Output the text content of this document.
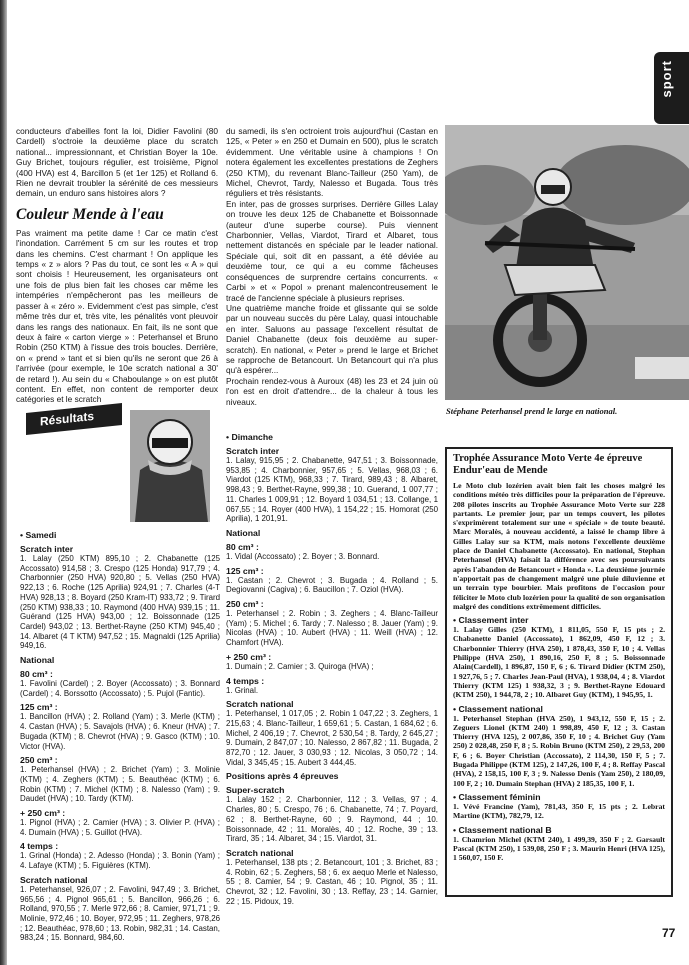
sport

conducteurs d'abeilles font la loi, Didier Favolini (80 Cardell) s'octroie la deuxième place du scratch national... impressionnant, et Christian Boyer la 10e. Guy Brichet, toujours régulier, est troisième, Pignol (400 HVA) est 4, Barcillon 5 (et 1er 125) et Rolland 6. Rien ne devrait troubler la sérénité de ces messieurs demain, un enduro sans histoires alors ?

Couleur Mende à l'eau

Pas vraiment ma petite dame ! Car ce matin c'est l'inondation. Carrément 5 cm sur les routes et trop dans les chemins. C'est charmant ! On applique les temps « z » alors ? Pas du tout, ce sont les « A » qui sont choisis ! Heureusement, les organisateurs ont une fois de plus bien fait les choses car même les intempéries n'empêcheront pas les meilleurs de passer à « zéro ». Evidemment c'est pas simple, c'est même très dur et, très vite, les pénalités vont pleuvoir dans les rangs des nationaux. En fait, ils ne sont que deux à faire « carton vierge » : Peterhansel et Bruno Robin (250 KTM) à l'issue des trois boucles. Derrière, on « prend » tant et si bien qu'ils ne seront que 26 à l'arrivée (pour exemple, le 10e scratch national a 30' de retard !). Au sein du « Chaboulange » on est plutôt content. En effet, non content de remporter deux catégories et le scratch

du samedi, ils s'en octroient trois aujourd'hui (Castan en 125, « Peter » en 250 et Dumain en 500), plus le scratch évidemment. Une véritable usine à champions ! On notera également les excellentes prestations de Zeghers (250 KTM), du revenant Blanc-Tailleur (250 Yam), de Michel, Chevrot, Tardy, Nalesso et Bugada. Tous très réguliers et très résistants.

En inter, pas de grosses surprises. Derrière Gilles Lalay on trouve les deux 125 de Chabanette et Boissonnade (auteur d'une superbe course). Puis viennent Charbonnier, Vellas, Viardot, Tirard et Albaret, tous nettement distancés en spéciale par le leader national. Spéciale qui, soit dit en passant, a été déviée au deuxième tour, ce qui a eu comme fâcheuses conséquences de surprendre certains concurrents. « Carbi » et « Popol » prenant malencontreusement le tracé de l'ancienne spéciale à plusieurs reprises.

Une quatrième manche froide et glissante qui se solde par un nouveau succès du père Lalay, quasi intouchable en inter. Saluons au passage l'excellent résultat de Daniel Chabanette (deux fois deuxième au super-scratch). En national, « Peter » prend le large et Brichet se rapproche de Betancourt. Un Betancourt qui n'a plus qu'à espérer...

Prochain rendez-vous à Auroux (48) les 23 et 24 juin où l'on est en droit d'attendre... de la chaleur à tous les niveaux.

Stéphane Peterhansel prend le large en national.
Résultats
• Samedi
Scratch inter

1. Lalay (250 KTM) 895,10 ; 2. Chabanette (125 Accossato) 914,58 ; 3. Crespo (125 Honda) 917,79 ; 4. Charbonnier (250 HVA) 920,80 ; 5. Vellas (250 HVA) 922,13 ; 6. Roche (125 Aprilia) 924,91 ; 7. Charles (4-T HVA) 928,13 ; 8. Boyard (250 Kram-IT) 933,72 ; 9. Tirard (250 KTM) 938,33 ; 10. Raymond (400 HVA) 939,15 ; 11. Guérand (125 HVA) 943,00 ; 12. Boissonnade (125 Cardel) 943,02 ; 13. Berthet-Rayne (250 KTM) 945,40 ; 14. Albaret (4 T KTM) 947,52 ; 15. Magnaldi (125 Aprilia) 949,16.

National
80 cm³ :

1. Favolini (Cardel) ; 2. Boyer (Accossato) ; 3. Bonnard (Cardel) ; 4. Borssotto (Accossato) ; 5. Pujol (Fantic).

125 cm³ :

1. Bancillon (HVA) ; 2. Rolland (Yam) ; 3. Merle (KTM) ; 4. Castan (HVA) ; 5. Savajols (HVA) ; 6. Kneur (HVA) ; 7. Bugada (KTM) ; 8. Chevrot (HVA) ; 9. Gasco (KTM) ; 10. Victor (HVA).

250 cm³ :

1. Peterhansel (HVA) ; 2. Brichet (Yam) ; 3. Molinie (KTM) ; 4. Zeghers (KTM) ; 5. Beauthéac (KTM) ; 6. Robin (KTM) ; 7. Michel (KTM) ; 8. Nalesso (Yam) ; 9. Daudet (HVA) ; 10. Tardy (KTM).

+ 250 cm³ :

1. Pignol (HVA) ; 2. Camier (HVA) ; 3. Olivier P. (HVA) ; 4. Dumain (HVA) ; 5. Guillot (HVA).

4 temps :

1. Grinal (Honda) ; 2. Adesso (Honda) ; 3. Bonin (Yam) ; 4. Lafaye (KTM) ; 5. Figuières (KTM).

Scratch national

1. Peterhansel, 926,07 ; 2. Favolini, 947,49 ; 3. Brichet, 965,56 ; 4. Pignol 965,61 ; 5. Bancillon, 966,26 ; 6. Rolland, 970,55 ; 7. Merle 972,66 ; 8. Camier, 971,71 ; 9. Molinie, 972,46 ; 10. Boyer, 972,95 ; 11. Zeghers, 978,26 ; 12. Beauthéac, 978,60 ; 13. Robin, 982,31 ; 14. Castan, 983,24 ; 15. Bonnard, 984,60.

• Dimanche
Scratch inter

1. Lalay, 915,95 ; 2. Chabanette, 947,51 ; 3. Boissonnade, 953,85 ; 4. Charbonnier, 957,65 ; 5. Vellas, 968,03 ; 6. Viardot (125 KTM), 968,33 ; 7. Tirard, 989,43 ; 8. Albaret, 998,43 ; 9. Berthet-Rayne, 999,38 ; 10. Guerand, 1 007,77 ; 11. Charles 1 009,91 ; 12. Boyard 1 034,51 ; 13. Collange, 1 067,55 ; 14. Royer (400 HVA), 1 154,22 ; 15. Homorat (250 Aprilia), 1 201,91.

National
80 cm³ :

1. Vidal (Accossato) ; 2. Boyer ; 3. Bonnard.

125 cm³ :

1. Castan ; 2. Chevrot ; 3. Bugada ; 4. Rolland ; 5. Degiovanni (Cagiva) ; 6. Baucillon ; 7. Oziol (HVA).

250 cm³ :

1. Peterhansel ; 2. Robin ; 3. Zeghers ; 4. Blanc-Tailleur (Yam) ; 5. Michel ; 6. Tardy ; 7. Nalesso ; 8. Jauer (Yam) ; 9. Nicolas (HVA) ; 10. Aubert (HVA) ; 11. Weill (HVA) ; 12. Chamfort (HVA).

+ 250 cm³ :

1. Dumain ; 2. Camier ; 3. Quiroga (HVA) ;

4 temps :

1. Grinal.

Scratch national

1. Peterhansel, 1 017,05 ; 2. Robin 1 047,22 ; 3. Zeghers, 1 215,63 ; 4. Blanc-Tailleur, 1 659,61 ; 5. Castan, 1 684,62 ; 6. Michel, 2 406,19 ; 7. Chevrot, 2 530,54 ; 8. Tardy, 2 645,27 ; 9. Dumain, 2 847,07 ; 10. Nalesso, 2 867,82 ; 11. Bugada, 2 872,70 ; 12. Jauer, 3 030,93 ; 12. Nicolas, 3 050,72 ; 14. Vidal, 3 345,45 ; 15. Aubert 3 444,45.

Positions après 4 épreuves
Super-scratch

1. Lalay 152 ; 2. Charbonnier, 112 ; 3. Vellas, 97 ; 4. Charles, 80 ; 5. Crespo, 76 ; 6. Chabanette, 74 ; 7. Poyard, 62 ; 8. Berthet-Rayne, 60 ; 9. Raymond, 44 ; 10. Boissonnade, 42 ; 11. Moralès, 40 ; 12. Roche, 39 ; 13. Tirard, 35 ; 14. Albaret, 34 ; 15. Viardot, 31.

Scratch national

1. Peterhansel, 138 pts ; 2. Betancourt, 101 ; 3. Brichet, 83 ; 4. Robin, 62 ; 5. Zeghers, 58 ; 6. ex aequo Merle et Nalesso, 55 ; 8. Camier, 54 ; 9. Castan, 46 ; 10. Pignol, 35 ; 11. Chevrot, 32 ; 12. Favolini, 30 ; 13. Reffay, 23 ; 14. Garnier, 22 ; 15. Pidoux, 19.

Trophée Assurance Moto Verte 4e épreuve Endur'eau de Mende

Le Moto club lozérien avait bien fait les choses malgré les conditions météo très difficiles pour la préparation de l'épreuve. 208 pilotes inscrits au Trophée Assurance Moto Verte sur 228 partants. Le premier jour, par un temps couvert, les pilotes s'exprimèrent totalement sur une « spéciale » de toute beauté. Marc Moralès, à nouveau accidenté, a laissé le champ libre à Gilles Lalay sur sa KTM, mais notons l'excellente deuxième place de Daniel Chabanette (Accossato). En national, Stephan Peterhansel (HVA) faisait la différence avec ses poursuivants après l'abandon de Betancourt « Honda ». La deuxième journée n'apportait pas de changement malgré une pluie diluvienne et un terrain type bourbier. Mais profitons de l'occasion pour féliciter le Moto club lozérien pour la qualité de son organisation malgré des conditions extrêmement difficiles.

• Classement inter

1. Lalay Gilles (250 KTM), 1 811,05, 550 F, 15 pts ; 2. Chabanette Daniel (Accossato), 1 862,09, 450 F, 12 ; 3. Charbonnier Thierry (HVA 250), 1 878,43, 350 F, 10 ; 4. Vellas Philippe (HVA 250), 1 890,16, 250 F, 8 ; 5. Boissonnade Alain(Cardell), 1 896,87, 150 F, 6 ; 6. Tirard Didier (KTM 250), 1 927,76, 5 ; 7. Charles Jean-Paul (HVA), 1 938,04, 4 ; 8. Viardot Thierry (KTM 125) 1 938,32, 3 ; 9. Berthet-Rayne Edouard (KTM 250), 1 944,78, 2 ; 10. Albaret Guy (KTM), 1 945,95, 1.

• Classement national

1. Peterhansel Stephan (HVA 250), 1 943,12, 550 F, 15 ; 2. Zeguers Lionel (KTM 240) 1 998,89, 450 F, 12 ; 3. Castan Thierry (HVA 125), 2 007,86, 350 F, 10 ; 4. Brichet Guy (Yam 250) 2 028,48, 250 F, 8 ; 5. Robin Bruno (KTM 250), 2 29,53, 200 F, 6 ; 6. Boyer Christian (Accossato), 2 114,30, 150 F, 5 ; 7. Bugada Philippe (KTM 125), 2 147,26, 100 F, 4 ; 8. Reffay Pascal (HVA), 2 158,15, 100 F, 3 ; 9. Nalesso Denis (Yam 250), 2 180,09, 100 F, 2 ; 10. Dumain Stephan (HVA) 2 185,35, 100 F, 1.

• Classement féminin

1. Vévé Francine (Yam), 781,43, 350 F, 15 pts ; 2. Lebrat Martine (KTM), 782,79, 12.

• Classement national B

1. Chamrion Michel (KTM 240), 1 499,39, 350 F ; 2. Garsault Pascal (KTM 250), 1 539,08, 250 F ; 3. Maurin Henri (HVA 125), 1 560,07, 150 F.

77
